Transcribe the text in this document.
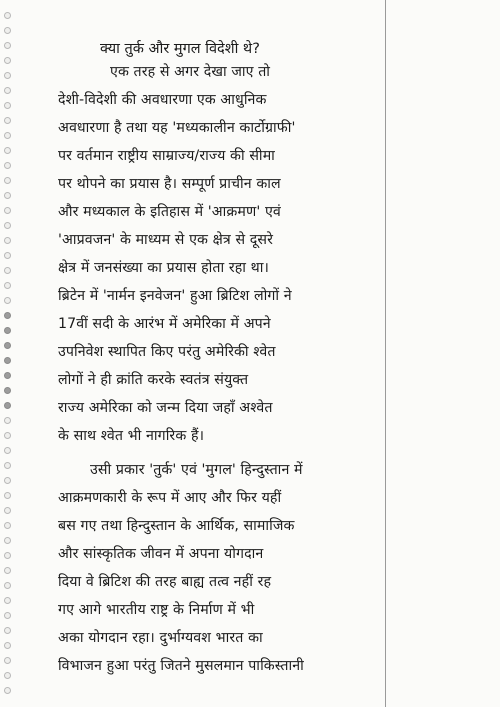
क्या तुर्क और मुगल विदेशी थे?
एक तरह से अगर देखा जाए तो
देशी-विदेशी की अवधारणा एक आधुनिक
अवधारणा है तथा यह 'मध्यकालीन कार्टोग्राफी'
पर वर्तमान राष्ट्रीय साम्राज्य/राज्य की सीमा
पर थोपने का प्रयास है। सम्पूर्ण प्राचीन काल
और मध्यकाल के इतिहास में 'आक्रमण' एवं
'आप्रवजन' के माध्यम से एक क्षेत्र से दूसरे
क्षेत्र में जनसंख्या का प्रयास होता रहा था।
ब्रिटेन में 'नार्मन इनवेजन' हुआ ब्रिटिश लोगों ने
17वीं सदी के आरंभ में अमेरिका में अपने
उपनिवेश स्थापित किए परंतु अमेरिकी श्वेत
लोगों ने ही क्रांति करके स्वतंत्र संयुक्त
राज्य अमेरिका को जन्म दिया जहाँ अश्वेत
के साथ श्वेत भी नागरिक हैं।
उसी प्रकार 'तुर्क' एवं 'मुगल' हिन्दुस्तान में
आक्रमणकारी के रूप में आए और फिर यहीं
बस गए तथा हिन्दुस्तान के आर्थिक, सामाजिक
और सांस्कृतिक जीवन में अपना योगदान
दिया वे ब्रिटिश की तरह बाह्य तत्व नहीं रह
गए आगे भारतीय राष्ट्र के निर्माण में भी
अका योगदान रहा। दुर्भाग्यवश भारत का
विभाजन हुआ परंतु जितने मुसलमान पाकिस्तानी
